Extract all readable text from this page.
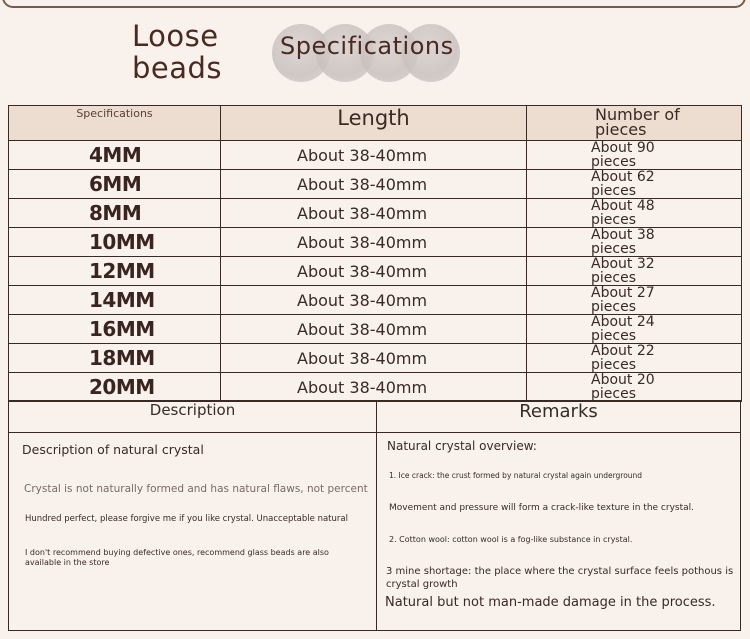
Loose
beads
Specifications
Specifications	Length	Number of pieces

4MM	About 38-40mm	About 90 pieces

6MM	About 38-40mm	About 62 pieces

8MM	About 38-40mm	About 48 pieces

10MM	About 38-40mm	About 38 pieces

12MM	About 38-40mm	About 32 pieces

14MM	About 38-40mm	About 27 pieces

16MM	About 38-40mm	About 24 pieces

18MM	About 38-40mm	About 22 pieces

20MM	About 38-40mm	About 20 pieces
Description	Remarks
Description of natural crystal
Crystal is not naturally formed and has natural flaws, not percent
Hundred perfect, please forgive me if you like crystal. Unacceptable natural
I don't recommend buying defective ones, recommend glass beads are also available in the store
Natural crystal overview:
1. Ice crack: the crust formed by natural crystal again underground
Movement and pressure will form a crack-like texture in the crystal.
2. Cotton wool: cotton wool is a fog-like substance in crystal.
3 mine shortage: the place where the crystal surface feels pothous is crystal growth
Natural but not man-made damage in the process.
